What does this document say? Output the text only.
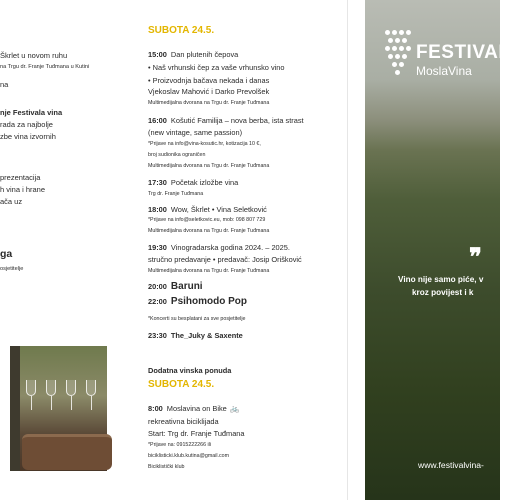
Škrlet u novom ruhu
na Trgu dr. Franje Tuđmana u Kutini
na
nje Festivala vina
rada za najbolje
zbe vina izvornih
prezentacija
h vina i hrane
ača uz
ga
osjetitelje
SUBOTA 24.5.
15:00 Dan plutenih čepova
• Naš vrhunski čep za vaše vrhunsko vino
• Proizvodnja bačava nekada i danas
Vjekoslav Mahović i Darko Prevolšek
Multimedijalna dvorana na Trgu dr. Franje Tuđmana
16:00 Košutić Familija – nova berba, ista strast
(new vintage, same passion)
*Prijave na info@vina-kosutic.hr, kotizacija 10 €,
broj sudionika ograničen
Multimedijalna dvorana na Trgu dr. Franje Tuđmana
17:30 Početak izložbe vina
Trg dr. Franje Tuđmana
18:00 Wow, Škrlet • Vina Seletković
*Prijave na info@seletkovic.eu, mob: 098 807 729
Multimedijalna dvorana na Trgu dr. Franje Tuđmana
19:30 Vinogradarska godina 2024. – 2025.
stručno predavanje • predavač: Josip Orišković
Multimedijalna dvorana na Trgu dr. Franje Tuđmana
20:00 Baruni
22:00 Psihomodo Pop
*Koncerti su besplatani za sve posjetitelje
23:30 The_Juky & Saxente
Dodatna vinska ponuda
SUBOTA 24.5.
8:00 Moslavina on Bike 🚲
rekreativna biciklijada
Start: Trg dr. Franje Tuđmana
*Prijave na: 0915222266 ili
biciklisticki.klub.kutina@gmail.com
Biciklistički klub
FESTIVAL
MoslaVina
❞
Vino nije samo piće, v
kroz povijest i k
www.festivalvina-
